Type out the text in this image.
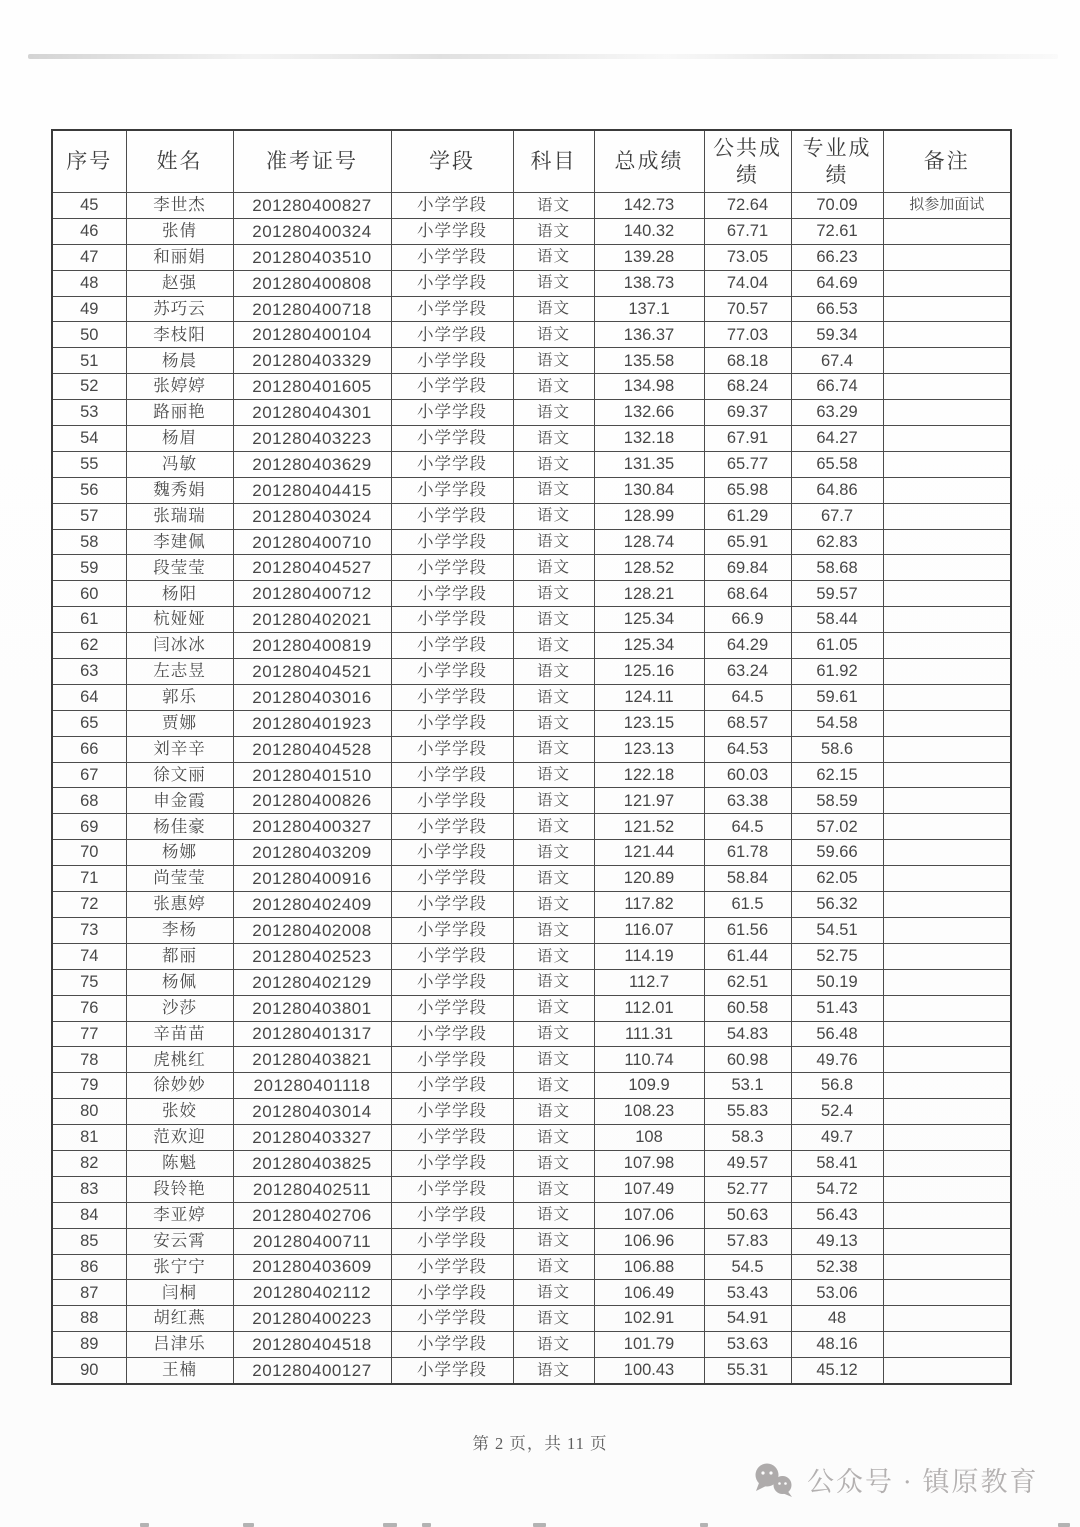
序号	姓名	准考证号	学段	科目	总成绩	公共成绩	专业成绩	备注
45	李世杰	201280400827	小学学段	语文	142.73	72.64	70.09	拟参加面试
46	张倩	201280400324	小学学段	语文	140.32	67.71	72.61	
47	和丽娟	201280403510	小学学段	语文	139.28	73.05	66.23	
48	赵强	201280400808	小学学段	语文	138.73	74.04	64.69	
49	苏巧云	201280400718	小学学段	语文	137.1	70.57	66.53	
50	李枝阳	201280400104	小学学段	语文	136.37	77.03	59.34	
51	杨晨	201280403329	小学学段	语文	135.58	68.18	67.4	
52	张婷婷	201280401605	小学学段	语文	134.98	68.24	66.74	
53	路丽艳	201280404301	小学学段	语文	132.66	69.37	63.29	
54	杨眉	201280403223	小学学段	语文	132.18	67.91	64.27	
55	冯敏	201280403629	小学学段	语文	131.35	65.77	65.58	
56	魏秀娟	201280404415	小学学段	语文	130.84	65.98	64.86	
57	张瑞瑞	201280403024	小学学段	语文	128.99	61.29	67.7	
58	李建佩	201280400710	小学学段	语文	128.74	65.91	62.83	
59	段莹莹	201280404527	小学学段	语文	128.52	69.84	58.68	
60	杨阳	201280400712	小学学段	语文	128.21	68.64	59.57	
61	杭娅娅	201280402021	小学学段	语文	125.34	66.9	58.44	
62	闫冰冰	201280400819	小学学段	语文	125.34	64.29	61.05	
63	左志昱	201280404521	小学学段	语文	125.16	63.24	61.92	
64	郭乐	201280403016	小学学段	语文	124.11	64.5	59.61	
65	贾娜	201280401923	小学学段	语文	123.15	68.57	54.58	
66	刘辛辛	201280404528	小学学段	语文	123.13	64.53	58.6	
67	徐文丽	201280401510	小学学段	语文	122.18	60.03	62.15	
68	申金霞	201280400826	小学学段	语文	121.97	63.38	58.59	
69	杨佳豪	201280400327	小学学段	语文	121.52	64.5	57.02	
70	杨娜	201280403209	小学学段	语文	121.44	61.78	59.66	
71	尚莹莹	201280400916	小学学段	语文	120.89	58.84	62.05	
72	张惠婷	201280402409	小学学段	语文	117.82	61.5	56.32	
73	李杨	201280402008	小学学段	语文	116.07	61.56	54.51	
74	都丽	201280402523	小学学段	语文	114.19	61.44	52.75	
75	杨佩	201280402129	小学学段	语文	112.7	62.51	50.19	
76	沙莎	201280403801	小学学段	语文	112.01	60.58	51.43	
77	辛苗苗	201280401317	小学学段	语文	111.31	54.83	56.48	
78	虎桃红	201280403821	小学学段	语文	110.74	60.98	49.76	
79	徐妙妙	201280401118	小学学段	语文	109.9	53.1	56.8	
80	张姣	201280403014	小学学段	语文	108.23	55.83	52.4	
81	范欢迎	201280403327	小学学段	语文	108	58.3	49.7	
82	陈魁	201280403825	小学学段	语文	107.98	49.57	58.41	
83	段铃艳	201280402511	小学学段	语文	107.49	52.77	54.72	
84	李亚婷	201280402706	小学学段	语文	107.06	50.63	56.43	
85	安云霄	201280400711	小学学段	语文	106.96	57.83	49.13	
86	张宁宁	201280403609	小学学段	语文	106.88	54.5	52.38	
87	闫桐	201280402112	小学学段	语文	106.49	53.43	53.06	
88	胡红燕	201280400223	小学学段	语文	102.91	54.91	48	
89	吕津乐	201280404518	小学学段	语文	101.79	53.63	48.16	
90	王楠	201280400127	小学学段	语文	100.43	55.31	45.12	
第 2 页，共 11 页
公众号 · 镇原教育
